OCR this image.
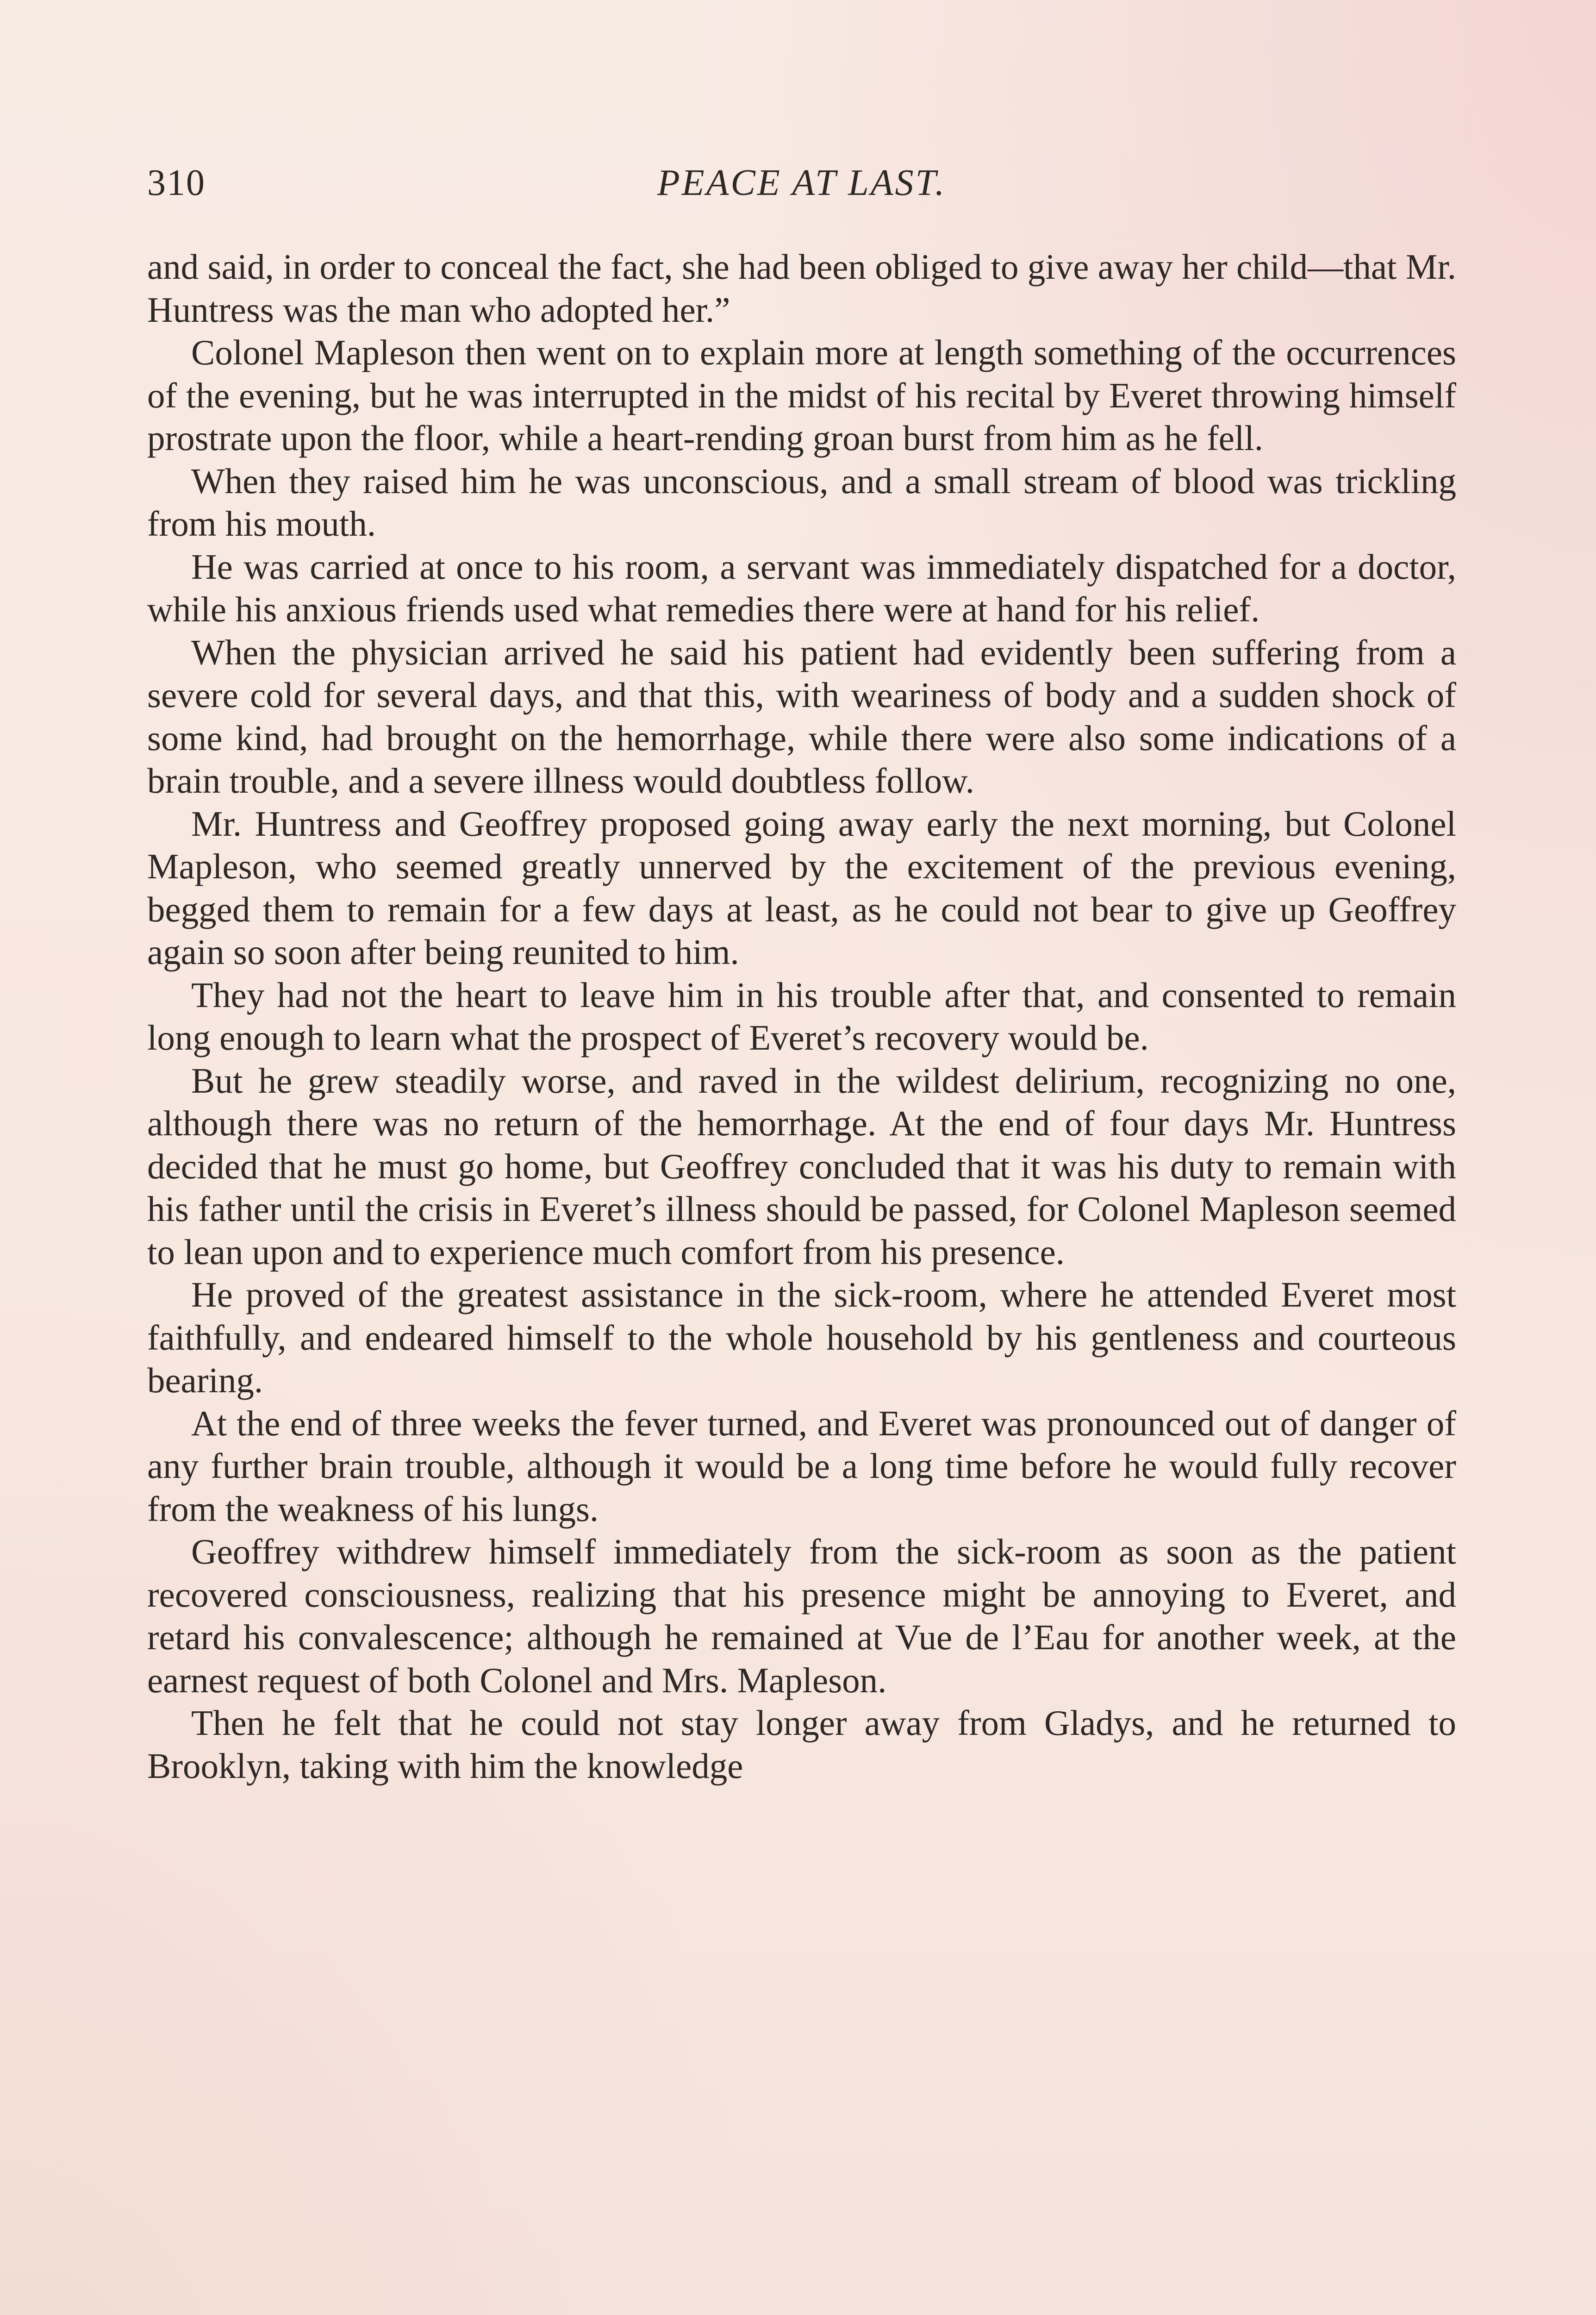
310	PEACE AT LAST.

and said, in order to conceal the fact, she had been obliged to give away her child—that Mr. Huntress was the man who adopted her.”

Colonel Mapleson then went on to explain more at length something of the occurrences of the evening, but he was interrupted in the midst of his recital by Everet throwing himself prostrate upon the floor, while a heart-rending groan burst from him as he fell.

When they raised him he was unconscious, and a small stream of blood was trickling from his mouth.

He was carried at once to his room, a servant was immediately dispatched for a doctor, while his anxious friends used what remedies there were at hand for his relief.

When the physician arrived he said his patient had evidently been suffering from a severe cold for several days, and that this, with weariness of body and a sudden shock of some kind, had brought on the hemorrhage, while there were also some indications of a brain trouble, and a severe illness would doubtless follow.

Mr. Huntress and Geoffrey proposed going away early the next morning, but Colonel Mapleson, who seemed greatly unnerved by the excitement of the previous evening, begged them to remain for a few days at least, as he could not bear to give up Geoffrey again so soon after being reunited to him.

They had not the heart to leave him in his trouble after that, and consented to remain long enough to learn what the prospect of Everet’s recovery would be.

But he grew steadily worse, and raved in the wildest delirium, recognizing no one, although there was no return of the hemorrhage. At the end of four days Mr. Huntress decided that he must go home, but Geoffrey concluded that it was his duty to remain with his father until the crisis in Everet’s illness should be passed, for Colonel Mapleson seemed to lean upon and to experience much comfort from his presence.

He proved of the greatest assistance in the sick-room, where he attended Everet most faithfully, and endeared himself to the whole household by his gentleness and courteous bearing.

At the end of three weeks the fever turned, and Everet was pronounced out of danger of any further brain trouble, although it would be a long time before he would fully recover from the weakness of his lungs.

Geoffrey withdrew himself immediately from the sick-room as soon as the patient recovered consciousness, realizing that his presence might be annoying to Everet, and retard his convalescence; although he remained at Vue de l’Eau for another week, at the earnest request of both Colonel and Mrs. Mapleson.

Then he felt that he could not stay longer away from Gladys, and he returned to Brooklyn, taking with him the knowledge
